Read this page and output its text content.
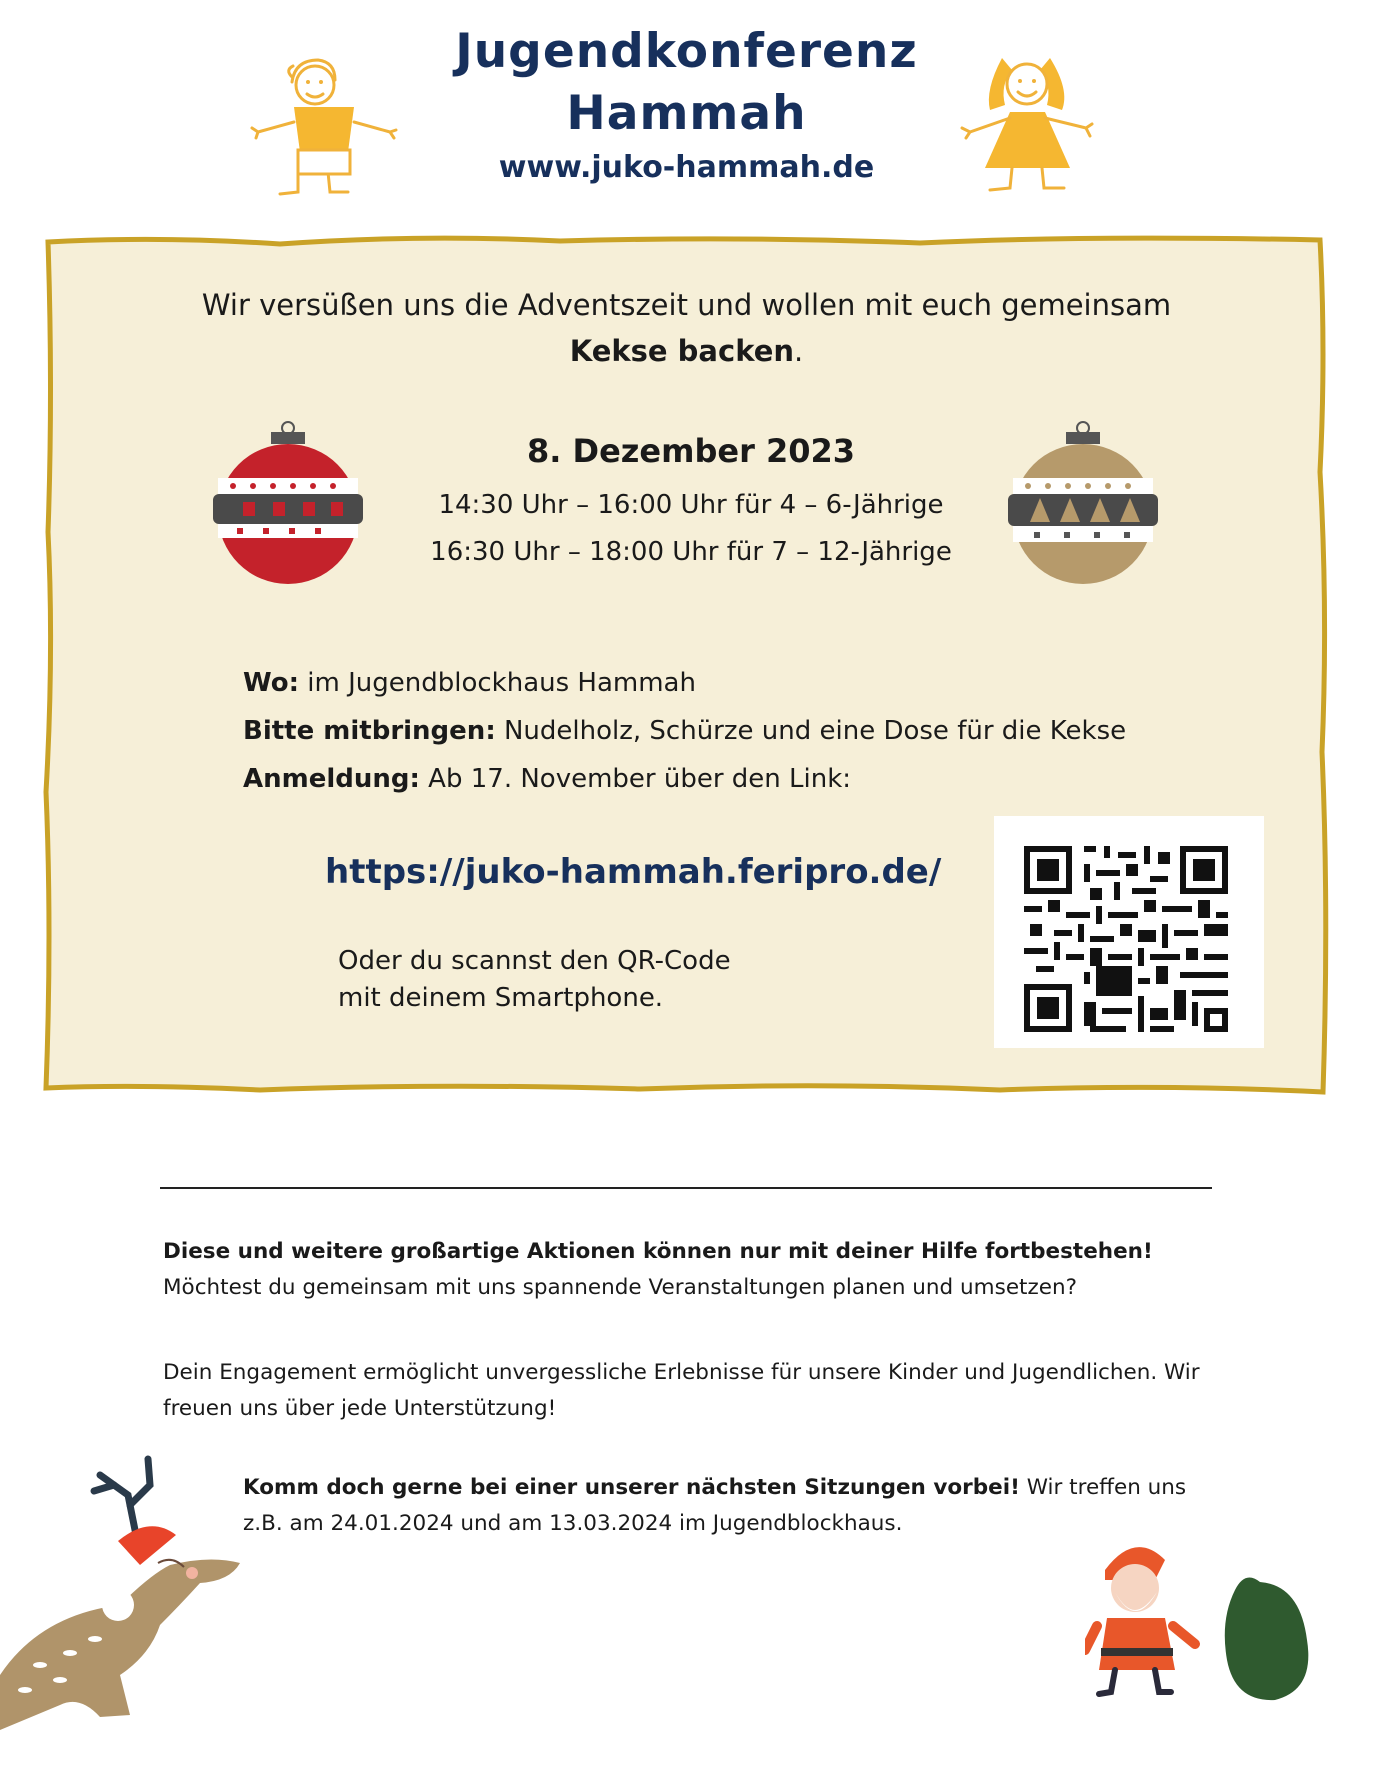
Jugendkonferenz
Hammah
www.juko-hammah.de
Wir versüßen uns die Adventszeit und wollen mit euch gemeinsam
Kekse backen.
8. Dezember 2023
14:30 Uhr – 16:00 Uhr für 4 – 6-Jährige
16:30 Uhr – 18:00 Uhr für 7 – 12-Jährige
Wo: im Jugendblockhaus Hammah
Bitte mitbringen: Nudelholz, Schürze und eine Dose für die Kekse
Anmeldung: Ab 17. November über den Link:
https://juko-hammah.feripro.de/
Oder du scannst den QR-Code
mit deinem Smartphone.
Diese und weitere großartige Aktionen können nur mit deiner Hilfe fortbestehen! Möchtest du gemeinsam mit uns spannende Veranstaltungen planen und umsetzen?
Dein Engagement ermöglicht unvergessliche Erlebnisse für unsere Kinder und Jugendlichen. Wir freuen uns über jede Unterstützung!
Komm doch gerne bei einer unserer nächsten Sitzungen vorbei! Wir treffen uns z.B. am 24.01.2024 und am 13.03.2024 im Jugendblockhaus.
